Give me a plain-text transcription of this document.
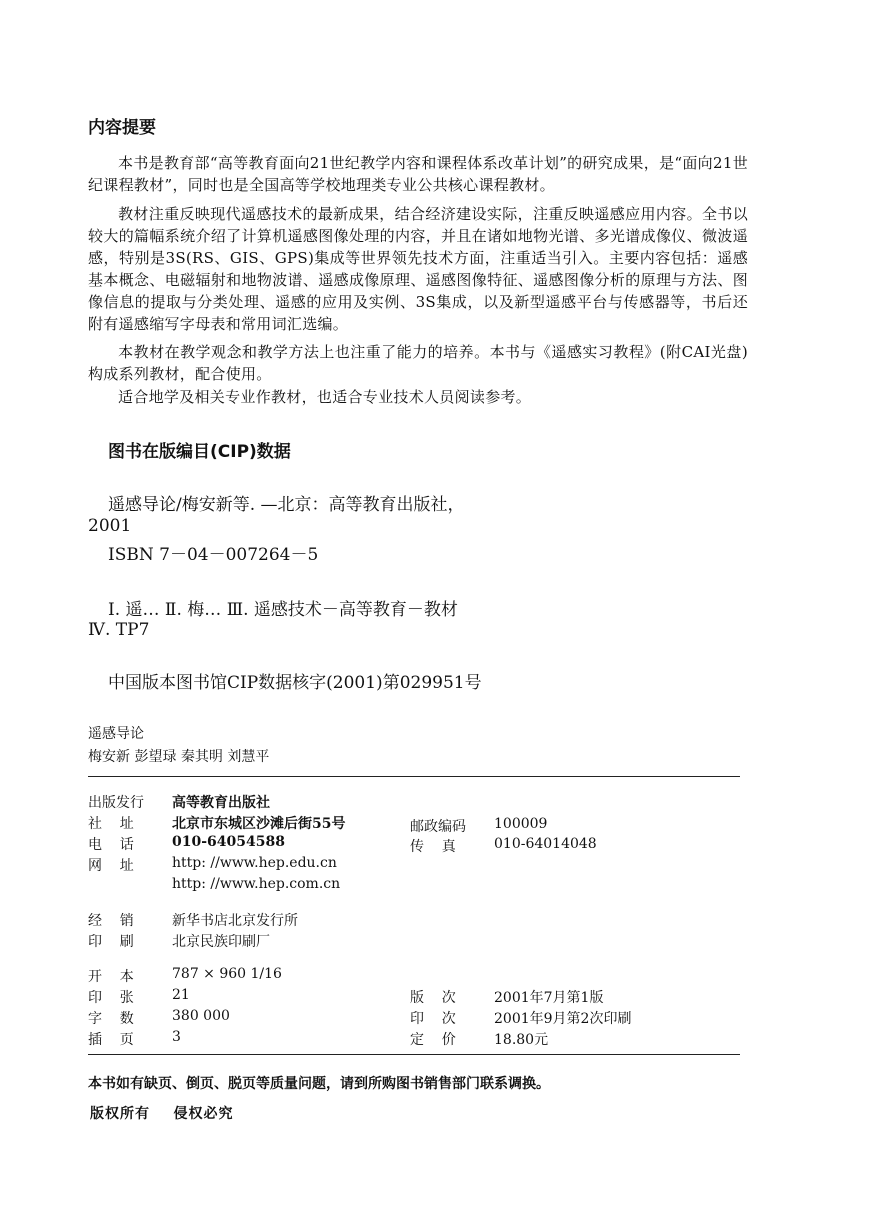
内容提要
本书是教育部“高等教育面向21世纪教学内容和课程体系改革计划”的研究成果，是“面向21世纪课程教材”，同时也是全国高等学校地理类专业公共核心课程教材。
教材注重反映现代遥感技术的最新成果，结合经济建设实际，注重反映遥感应用内容。全书以较大的篇幅系统介绍了计算机遥感图像处理的内容，并且在诸如地物光谱、多光谱成像仪、微波遥感，特别是3S(RS、GIS、GPS)集成等世界领先技术方面，注重适当引入。主要内容包括：遥感基本概念、电磁辐射和地物波谱、遥感成像原理、遥感图像特征、遥感图像分析的原理与方法、图像信息的提取与分类处理、遥感的应用及实例、3S集成，以及新型遥感平台与传感器等，书后还附有遥感缩写字母表和常用词汇选编。
本教材在教学观念和教学方法上也注重了能力的培养。本书与《遥感实习教程》(附CAI光盘)构成系列教材，配合使用。
适合地学及相关专业作教材，也适合专业技术人员阅读参考。
图书在版编目(CIP)数据
遥感导论/梅安新等. —北京：高等教育出版社，
2001
ISBN 7－04－007264－5
Ⅰ. 遥… Ⅱ. 梅… Ⅲ. 遥感技术－高等教育－教材
Ⅳ. TP7
中国版本图书馆CIP数据核字(2001)第029951号
遥感导论
梅安新 彭望琭 秦其明 刘慧平
出版发行 高等教育出版社
社    址	北京市东城区沙滩后街55号	邮政编码 100009
电    话	010-64054588	传    真	010-64014048
网    址	http: //www.hep.edu.cn
http: //www.hep.com.cn
经    销	新华书店北京发行所
印    刷	北京民族印刷厂
开    本	787 × 960 1/16
印    张	21	版    次	2001年7月第1版
字    数	380 000	印    次	2001年9月第2次印刷
插    页	3	定    价	18.80元
本书如有缺页、倒页、脱页等质量问题，请到所购图书销售部门联系调换。
版权所有    侵权必究
